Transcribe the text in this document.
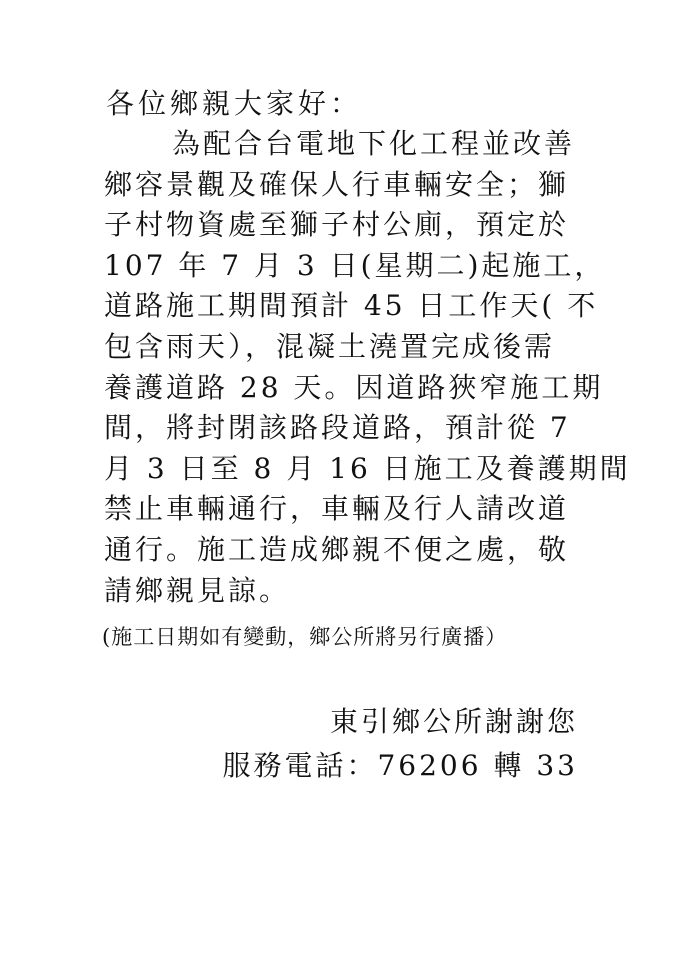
各位鄉親大家好：
為配合台電地下化工程並改善
鄉容景觀及確保人行車輛安全；獅
子村物資處至獅子村公廁，預定於
107 年 7 月 3 日(星期二)起施工，
道路施工期間預計 45 日工作天( 不
包含雨天），混凝土澆置完成後需
養護道路 28 天。因道路狹窄施工期
間，將封閉該路段道路，預計從 7
月 3 日至 8 月 16 日施工及養護期間
禁止車輛通行，車輛及行人請改道
通行。施工造成鄉親不便之處，敬
請鄉親見諒。
(施工日期如有變動，鄉公所將另行廣播）
東引鄉公所謝謝您
服務電話：76206 轉 33
